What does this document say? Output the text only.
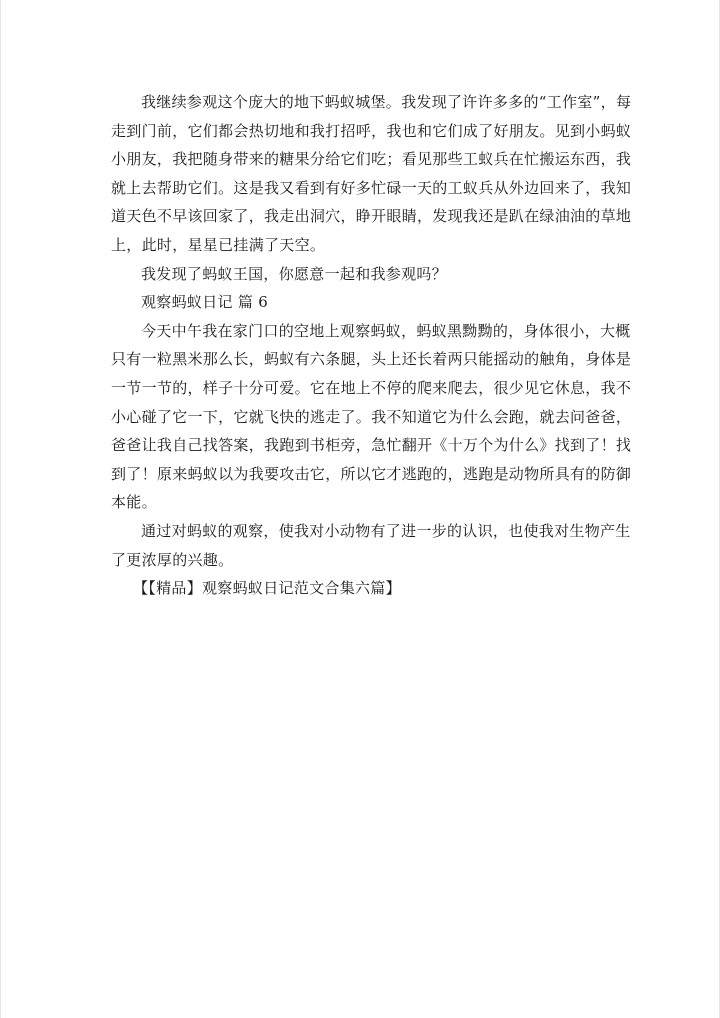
我继续参观这个庞大的地下蚂蚁城堡。我发现了许许多多的“工作室”，每
走到门前，它们都会热切地和我打招呼，我也和它们成了好朋友。见到小蚂蚁
小朋友，我把随身带来的糖果分给它们吃；看见那些工蚁兵在忙搬运东西，我
就上去帮助它们。这是我又看到有好多忙碌一天的工蚁兵从外边回来了，我知
道天色不早该回家了，我走出洞穴，睁开眼睛，发现我还是趴在绿油油的草地
上，此时，星星已挂满了天空。
我发现了蚂蚁王国，你愿意一起和我参观吗？
观察蚂蚁日记 篇 6
今天中午我在家门口的空地上观察蚂蚁，蚂蚁黑黝黝的，身体很小，大概
只有一粒黑米那么长，蚂蚁有六条腿，头上还长着两只能摇动的触角，身体是
一节一节的，样子十分可爱。它在地上不停的爬来爬去，很少见它休息，我不
小心碰了它一下，它就飞快的逃走了。我不知道它为什么会跑，就去问爸爸，
爸爸让我自己找答案，我跑到书柜旁，急忙翻开《十万个为什么》找到了！找
到了！原来蚂蚁以为我要攻击它，所以它才逃跑的，逃跑是动物所具有的防御
本能。
通过对蚂蚁的观察，使我对小动物有了进一步的认识，也使我对生物产生
了更浓厚的兴趣。
【【精品】观察蚂蚁日记范文合集六篇】
